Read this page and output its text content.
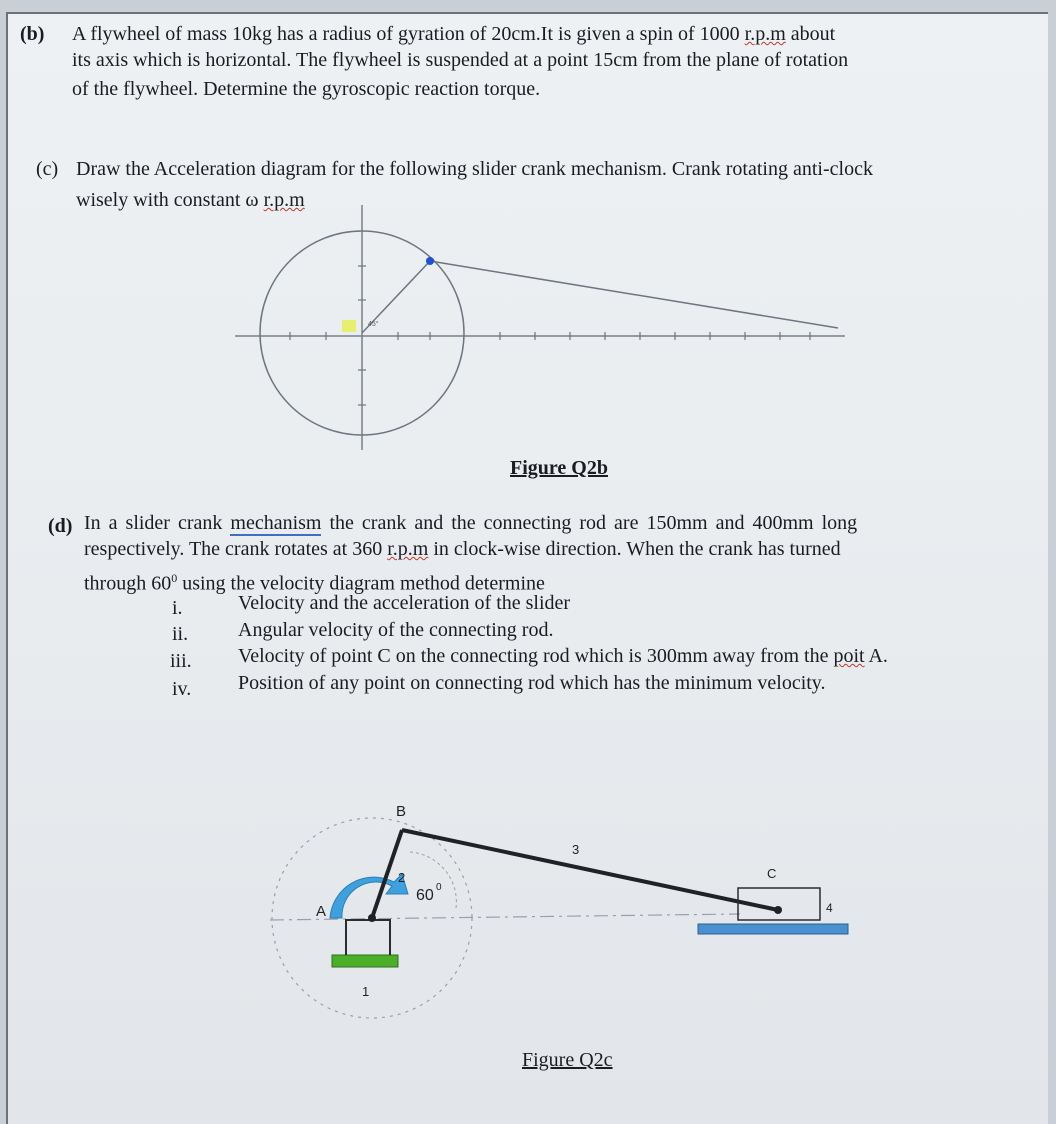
(b) A flywheel of mass 10kg has a radius of gyration of 20cm.It is given a spin of 1000 r.p.m about
its axis which is horizontal. The flywheel is suspended at a point 15cm from the plane of rotation
of the flywheel. Determine the gyroscopic reaction torque.
(c) Draw the Acceleration diagram for the following slider crank mechanism. Crank rotating anti-clock
wisely with constant ω r.p.m
45°
Figure Q2b
(d) In a slider crank mechanism the crank and the connecting rod are 150mm and 400mm long
respectively. The crank rotates at 360 r.p.m in clock-wise direction. When the crank has turned
through $60^0$ using the velocity diagram method determine
i.	Velocity and the acceleration of the slider
ii. Angular velocity of the connecting rod.
iii. Velocity of point C on the connecting rod which is 300mm away from the poit A.
iv. Position of any point on connecting rod which has the minimum velocity.
B
A
C
1
2
3
4
60 0
Figure Q2c
